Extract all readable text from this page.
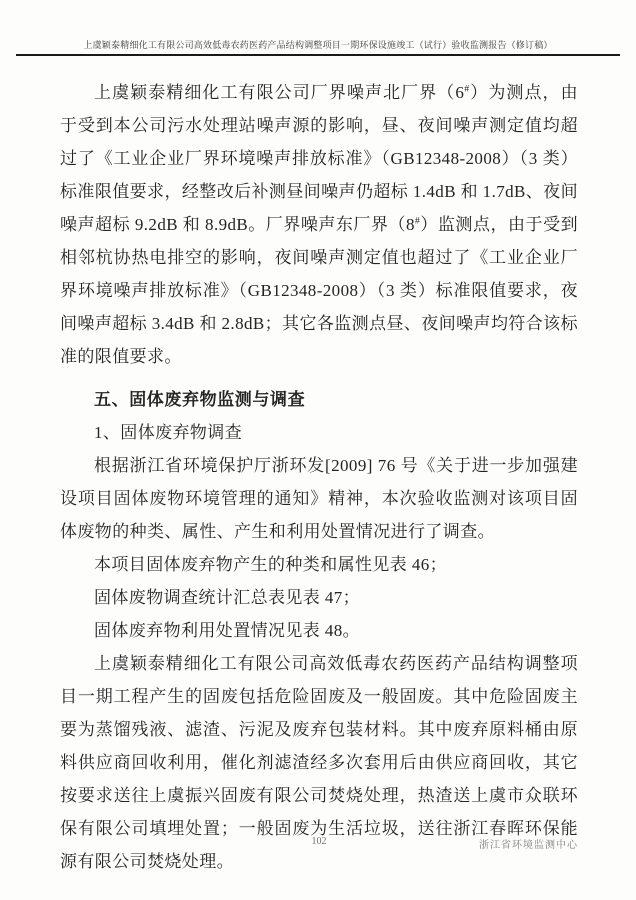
上虞颖泰精细化工有限公司高效低毒农药医药产品结构调整项目一期环保设施竣工（试行）验收监测报告（修订稿）

上虞颖泰精细化工有限公司厂界噪声北厂界（6#）为测点，由于受到本公司污水处理站噪声源的影响，昼、夜间噪声测定值均超过了《工业企业厂界环境噪声排放标准》（GB12348-2008）（3 类）标准限值要求，经整改后补测昼间噪声仍超标 1.4dB 和 1.7dB、夜间噪声超标 9.2dB 和 8.9dB。厂界噪声东厂界（8#）监测点，由于受到相邻杭协热电排空的影响，夜间噪声测定值也超过了《工业企业厂界环境噪声排放标准》（GB12348-2008）（3 类）标准限值要求，夜间噪声超标 3.4dB 和 2.8dB；其它各监测点昼、夜间噪声均符合该标准的限值要求。

五、固体废弃物监测与调查

1、固体废弃物调查

根据浙江省环境保护厅浙环发[2009] 76 号《关于进一步加强建设项目固体废物环境管理的通知》精神，本次验收监测对该项目固体废物的种类、属性、产生和利用处置情况进行了调查。

本项目固体废弃物产生的种类和属性见表 46；

固体废物调查统计汇总表见表 47；

固体废弃物利用处置情况见表 48。

上虞颖泰精细化工有限公司高效低毒农药医药产品结构调整项目一期工程产生的固废包括危险固废及一般固废。其中危险固废主要为蒸馏残液、滤渣、污泥及废弃包装材料。其中废弃原料桶由原料供应商回收利用，催化剂滤渣经多次套用后由供应商回收，其它按要求送往上虞振兴固废有限公司焚烧处理，热渣送上虞市众联环保有限公司填埋处置；一般固废为生活垃圾，送往浙江春晖环保能源有限公司焚烧处理。

102	浙江省环境监测中心
